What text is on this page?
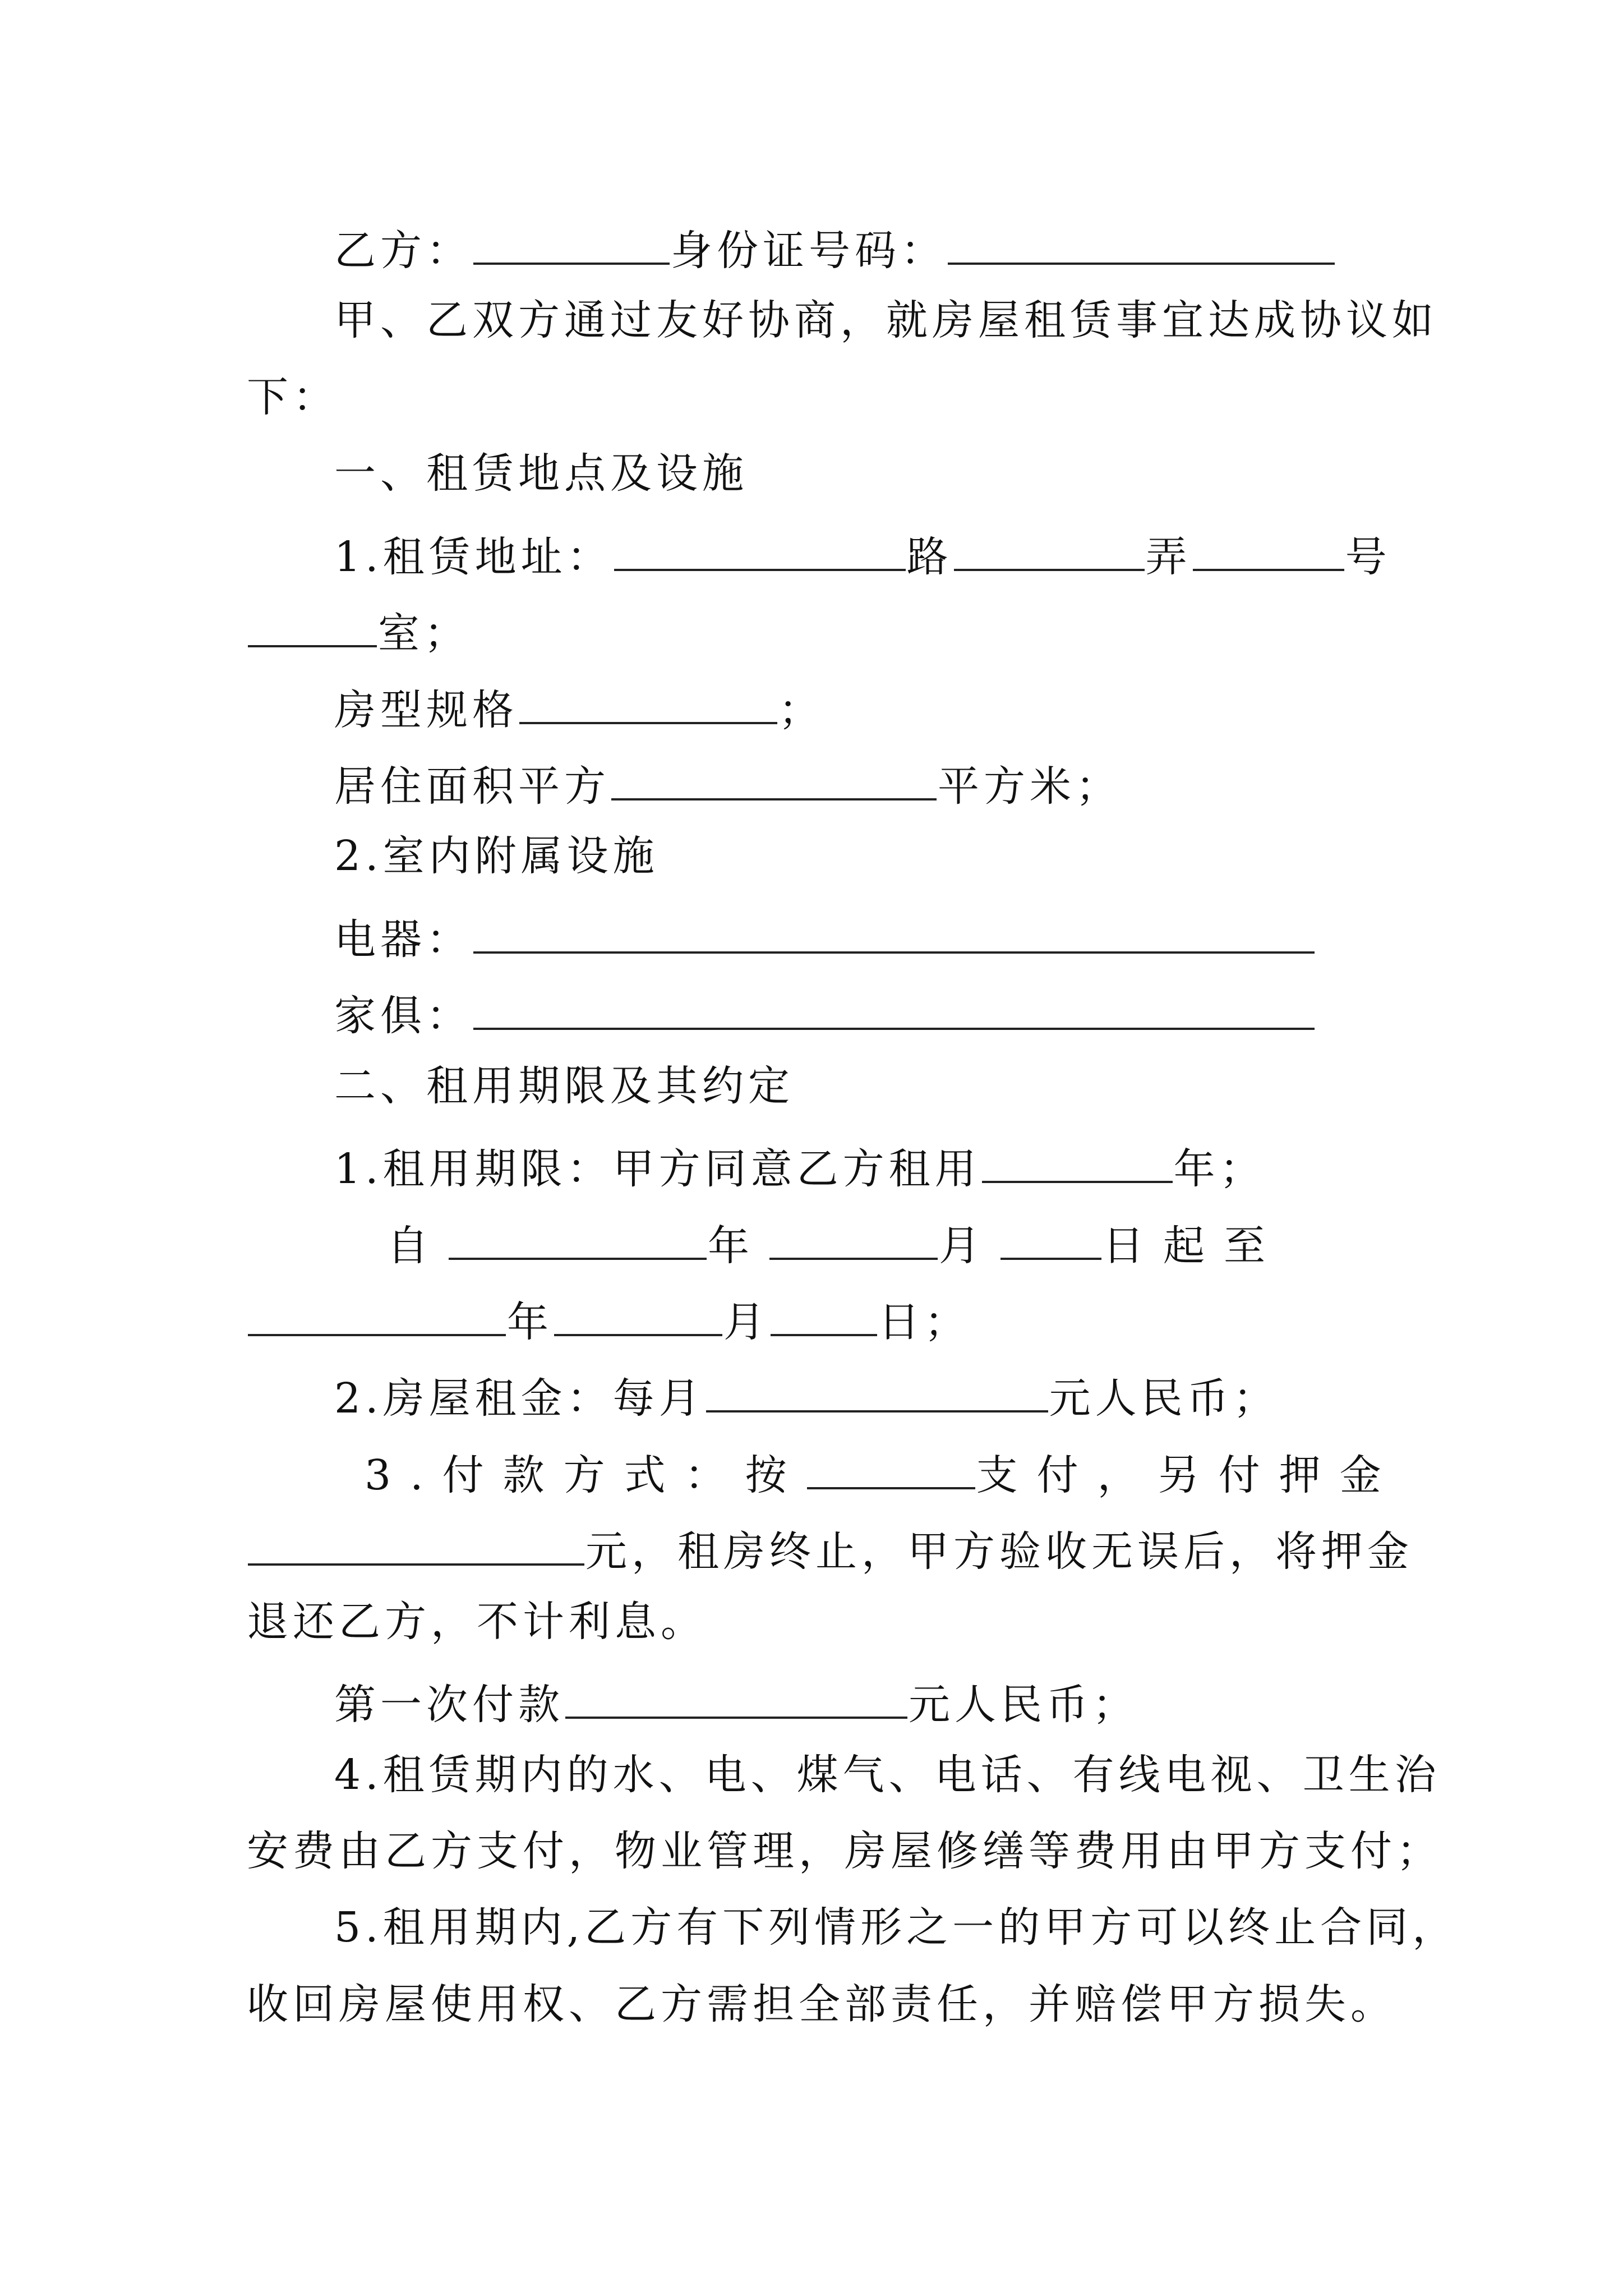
乙方：	身份证号码：
甲、乙双方通过友好协商，就房屋租赁事宜达成协议如
下：
一、租赁地点及设施
1.租赁地址：	路	弄	号
室；
房型规格	；
居住面积平方	平方米；
2.室内附属设施
电器：
家俱：
二、租用期限及其约定
1.租用期限：甲方同意乙方租用	年；
自	年	月 日起至
年	月	日；
2.房屋租金：每月	元人民币；
3.付款方式：按	支付，另付押金
元，租房终止，甲方验收无误后，将押金
退还乙方，不计利息。
第一次付款	元人民币；
4.租赁期内的水、电、煤气、电话、有线电视、卫生治
安费由乙方支付，物业管理，房屋修缮等费用由甲方支付；
5.租用期内,乙方有下列情形之一的甲方可以终止合同，
收回房屋使用权、乙方需担全部责任，并赔偿甲方损失。
